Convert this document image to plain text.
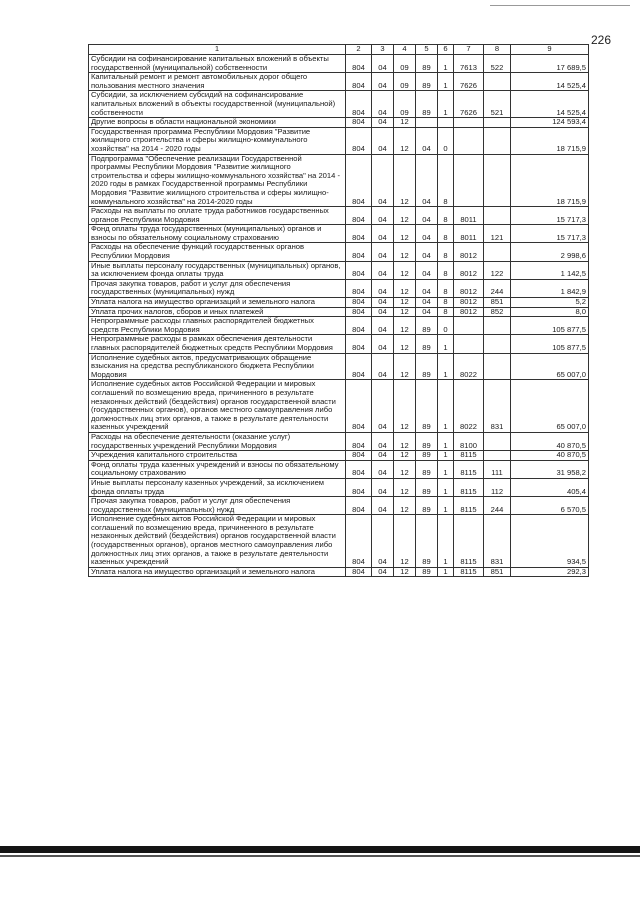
226
1	2	3	4	5	6	7	8	9
Субсидии на софинансирование капитальных вложений в объекты государственной (муниципальной) собственности	804	04	09	89	1	7613	522	17 689,5
Капитальный ремонт и ремонт автомобильных дорог общего пользования местного значения	804	04	09	89	1	7626		14 525,4
Субсидии, за исключением субсидий на софинансирование капитальных вложений в объекты государственной (муниципальной) собственности	804	04	09	89	1	7626	521	14 525,4
Другие вопросы в области национальной экономики	804	04	12					124 593,4
Государственная программа Республики Мордовия "Развитие жилищного строительства и сферы жилищно-коммунального хозяйства" на 2014 - 2020 годы	804	04	12	04	0			18 715,9
Подпрограмма "Обеспечение реализации Государственной программы Республики Мордовия "Развитие жилищного строительства и сферы жилищно-коммунального хозяйства" на 2014 - 2020 годы в рамках Государственной программы Республики Мордовия "Развитие жилищного строительства и сферы жилищно-коммунального хозяйства" на 2014-2020 годы	804	04	12	04	8			18 715,9
Расходы на выплаты по оплате труда работников государственных органов Республики Мордовия	804	04	12	04	8	8011		15 717,3
Фонд оплаты труда государственных (муниципальных) органов и взносы по обязательному социальному страхованию	804	04	12	04	8	8011	121	15 717,3
Расходы на обеспечение функций государственных органов Республики Мордовия	804	04	12	04	8	8012		2 998,6
Иные выплаты персоналу государственных (муниципальных) органов, за исключением фонда оплаты труда	804	04	12	04	8	8012	122	1 142,5
Прочая закупка товаров, работ и услуг для обеспечения государственных (муниципальных) нужд	804	04	12	04	8	8012	244	1 842,9
Уплата налога на имущество организаций и земельного налога	804	04	12	04	8	8012	851	5,2
Уплата прочих налогов, сборов и иных платежей	804	04	12	04	8	8012	852	8,0
Непрограммные расходы главных распорядителей бюджетных средств Республики Мордовия	804	04	12	89	0			105 877,5
Непрограммные расходы в рамках обеспечения деятельности главных распорядителей бюджетных средств Республики Мордовия	804	04	12	89	1			105 877,5
Исполнение судебных актов, предусматривающих обращение взыскания на средства республиканского бюджета Республики Мордовия	804	04	12	89	1	8022		65 007,0
Исполнение судебных актов Российской Федерации и мировых соглашений по возмещению вреда, причиненного в результате незаконных действий (бездействия) органов государственной власти (государственных органов), органов местного самоуправления либо должностных лиц этих органов, а также в результате деятельности казенных учреждений	804	04	12	89	1	8022	831	65 007,0
Расходы на обеспечение деятельности (оказание услуг) государственных учреждений Республики Мордовия	804	04	12	89	1	8100		40 870,5
Учреждения капитального строительства	804	04	12	89	1	8115		40 870,5
Фонд оплаты труда казенных учреждений и взносы по обязательному социальному страхованию	804	04	12	89	1	8115	111	31 958,2
Иные выплаты персоналу казенных учреждений, за исключением фонда оплаты труда	804	04	12	89	1	8115	112	405,4
Прочая закупка товаров, работ и услуг для обеспечения государственных (муниципальных) нужд	804	04	12	89	1	8115	244	6 570,5
Исполнение судебных актов Российской Федерации и мировых соглашений по возмещению вреда, причиненного в результате незаконных действий (бездействия) органов государственной власти (государственных органов), органов местного самоуправления либо должностных лиц этих органов, а также в результате деятельности казенных учреждений	804	04	12	89	1	8115	831	934,5
Уплата налога на имущество организаций и земельного налога	804	04	12	89	1	8115	851	292,3
